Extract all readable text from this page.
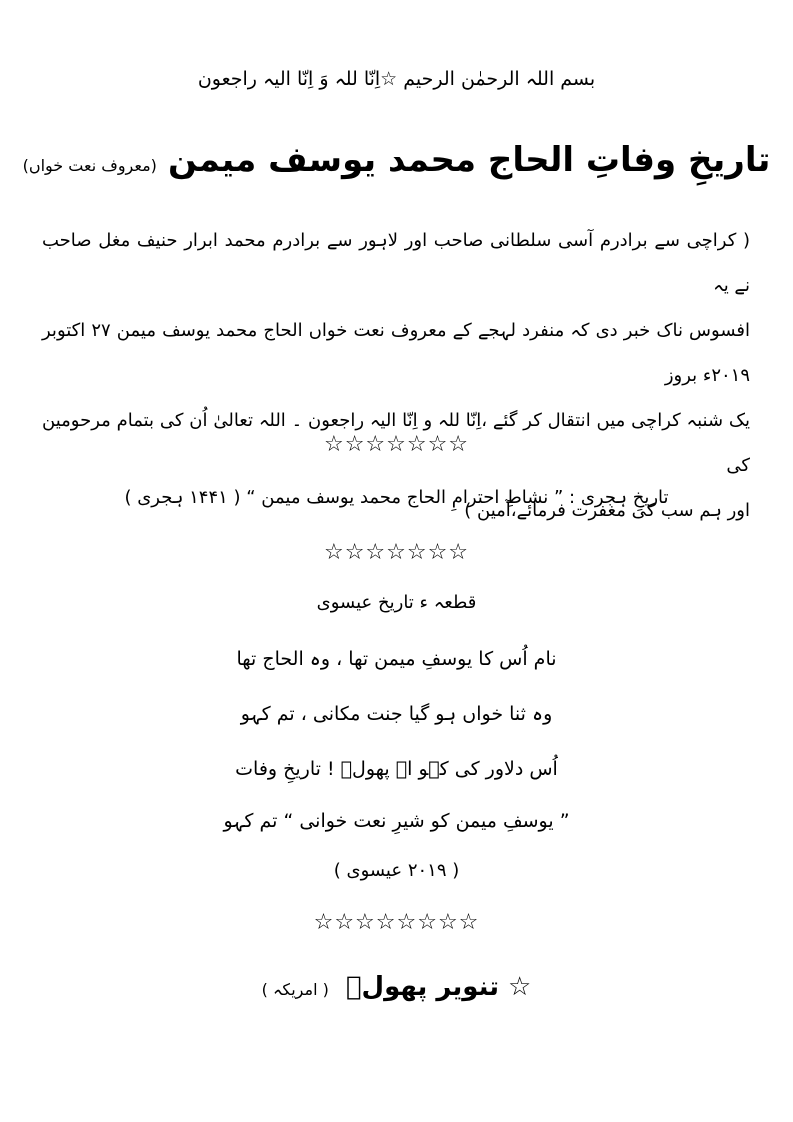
بسم اللہ الرحمٰن الرحیم ☆اِنّا للہ وَ اِنّا الیہ راجعون
تاریخِ وفاتِ الحاج محمد یوسف میمن (معروف نعت خواں)
( کراچی سے برادرم آسی سلطانی صاحب اور لاہور سے برادرم محمد ابرار حنیف مغل صاحب نے یہ
افسوس ناک خبر دی کہ منفرد لہجے کے معروف نعت خواں الحاج محمد یوسف میمن ۲۷ اکتوبر ۲۰۱۹ء بروز
یک شنبہ کراچی میں انتقال کر گئے ،اِنّا للہ و اِنّا الیہ راجعون ۔ اللہ تعالیٰ اُن کی بتمام مرحومین کی
اور ہم سب کی مغفرت فرمائے،آمین )
☆☆☆☆☆☆☆
تاریخِ ہجری : ” نشاطِ احترامِ الحاج محمد یوسف میمن “ ( ۱۴۴۱ ہجری )
☆☆☆☆☆☆☆
قطعہ ء تاریخ عیسوی
نام اُس کا یوسفِ میمن تھا ، وہ الحاج تھا
وہ ثنا خواں ہو گیا جنت مکانی ، تم کہو
اُس دلاور کی کہو اے پھولؔ ! تاریخِ وفات
” یوسفِ میمن کو شیرِ نعت خوانی “ تم کہو
( ۲۰۱۹ عیسوی )
☆☆☆☆☆☆☆☆
☆ تنویر پھولؔ ( امریکہ )
